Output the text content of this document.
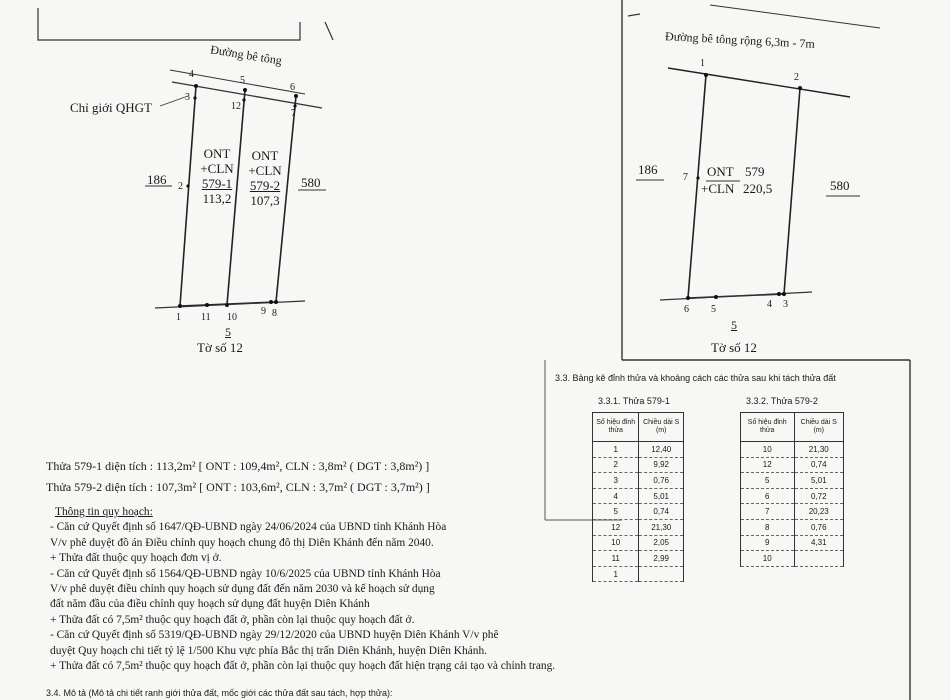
Đường bê tông
Chỉ giới QHGT
4
5
6
3
12
7
2
1 11 10
9 8
ONT
+CLN
579-1
113,2
ONT
+CLN
579-2
107,3
186	580
5
Tờ số 12
Đường bê tông rộng 6,3m - 7m
1
2
7
6 5	4 3
ONT 579
+CLN 220,5
186
580
5
Tờ số 12
Thửa 579-1 diện tích : 113,2m² [ ONT : 109,4m², CLN : 3,8m² ( DGT : 3,8m²) ]
Thửa 579-2 diện tích : 107,3m² [ ONT : 103,6m², CLN : 3,7m² ( DGT : 3,7m²) ]
Thông tin quy hoạch:
- Căn cứ Quyết định số 1647/QĐ-UBND ngày 24/06/2024 của UBND tỉnh Khánh Hòa
V/v phê duyệt đồ án Điều chỉnh quy hoạch chung đô thị Diên Khánh đến năm 2040.
+ Thửa đất thuộc quy hoạch đơn vị ở.
- Căn cứ Quyết định số 1564/QĐ-UBND ngày 10/6/2025 của UBND tỉnh Khánh Hòa
V/v phê duyệt điều chỉnh quy hoạch sử dụng đất đến năm 2030 và kế hoạch sử dụng
đất năm đầu của điều chỉnh quy hoạch sử dụng đất huyện Diên Khánh
+ Thửa đất có 7,5m² thuộc quy hoạch đất ở, phần còn lại thuộc quy hoạch đất ở.
- Căn cứ Quyết định số 5319/QĐ-UBND ngày 29/12/2020 của UBND huyện Diên Khánh V/v phê
duyệt Quy hoạch chi tiết tỷ lệ 1/500 Khu vực phía Bắc thị trấn Diên Khánh, huyện Diên Khánh.
+ Thửa đất có 7,5m² thuộc quy hoạch đất ở, phần còn lại thuộc quy hoạch đất hiện trạng cải tạo và chỉnh trang.
3.4. Mô tả (Mô tả chi tiết ranh giới thửa đất, mốc giới các thửa đất sau tách, hợp thửa):
3.3. Bảng kê đỉnh thửa và khoảng cách các thửa sau khi tách thửa đất
3.3.1. Thửa 579-1	3.3.2. Thửa 579-2
Số hiệu đỉnh thửa	Chiều dài S (m)
1	12,40
2	9,92
3	0,76
4	5,01
5	0,74
12	21,30
10	2,05
11	2,99
1	
Số hiệu đỉnh thửa	Chiều dài S (m)
10	21,30
12	0,74
5	5,01
6	0,72
7	20,23
8	0,76
9	4,31
10	
